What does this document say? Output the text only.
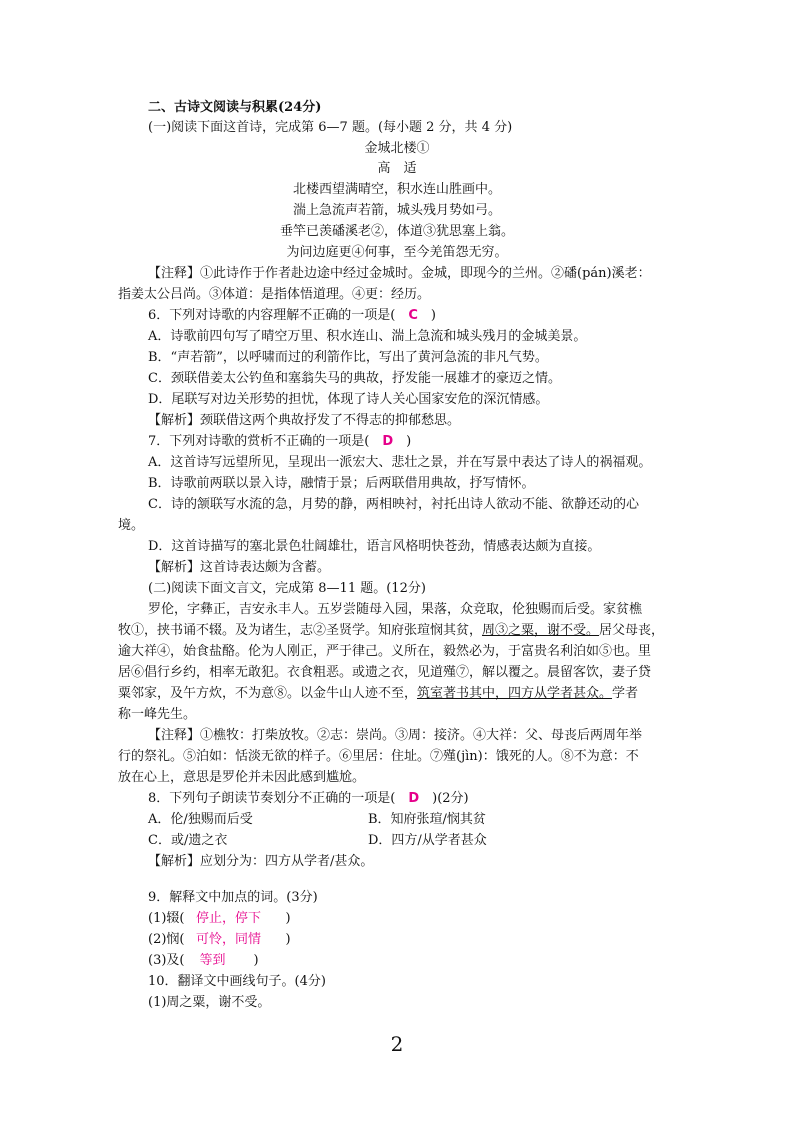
二、古诗文阅读与积累(24分)
(一)阅读下面这首诗，完成第 6—7 题。(每小题 2 分，共 4 分)
金城北楼①
高　适
北楼西望满晴空，积水连山胜画中。
湍上急流声若箭，城头残月势如弓。
垂竿已羡磻溪老②，体道③犹思塞上翁。
为问边庭更④何事，至今羌笛怨无穷。
【注释】①此诗作于作者赴边途中经过金城时。金城，即现今的兰州。②磻(pán)溪老：
指姜太公吕尚。③体道：是指体悟道理。④更：经历。
6．下列对诗歌的内容理解不正确的一项是(　C　)
A．诗歌前四句写了晴空万里、积水连山、湍上急流和城头残月的金城美景。
B．“声若箭”，以呼啸而过的利箭作比，写出了黄河急流的非凡气势。
C．颈联借姜太公钓鱼和塞翁失马的典故，抒发能一展雄才的豪迈之情。
D．尾联写对边关形势的担忧，体现了诗人关心国家安危的深沉情感。
【解析】颈联借这两个典故抒发了不得志的抑郁愁思。
7．下列对诗歌的赏析不正确的一项是(　D　)
A．这首诗写远望所见，呈现出一派宏大、悲壮之景，并在写景中表达了诗人的祸福观。
B．诗歌前两联以景入诗，融情于景；后两联借用典故，抒写情怀。
C．诗的颔联写水流的急，月势的静，两相映衬，衬托出诗人欲动不能、欲静还动的心
境。
D．这首诗描写的塞北景色壮阔雄壮，语言风格明快苍劲，情感表达颇为直接。
【解析】这首诗表达颇为含蓄。
(二)阅读下面文言文，完成第 8—11 题。(12分)
罗伦，字彝正，吉安永丰人。五岁尝随母入园，果落，众竞取，伦独赐而后受。家贫樵
牧①，挟书诵不辍。及为诸生，志②圣贤学。知府张瑄悯其贫，周③之粟，谢不受。居父母丧，
逾大祥④，始食盐酪。伦为人刚正，严于律己。义所在，毅然必为，于富贵名利泊如⑤也。里
居⑥倡行乡约，相率无敢犯。衣食粗恶。或遗之衣，见道殣⑦，解以覆之。晨留客饮，妻子贷
粟邻家，及午方炊，不为意⑧。以金牛山人迹不至，筑室著书其中，四方从学者甚众。学者
称一峰先生。
【注释】①樵牧：打柴放牧。②志：崇尚。③周：接济。④大祥：父、母丧后两周年举
行的祭礼。⑤泊如：恬淡无欲的样子。⑥里居：住址。⑦殣(jìn)：饿死的人。⑧不为意：不
放在心上，意思是罗伦并未因此感到尴尬。
8．下列句子朗读节奏划分不正确的一项是(　D　)(2分)
A．伦/独赐而后受	B．知府张瑄/悯其贫
C．或/遗之衣	D．四方/从学者甚众
【解析】应划分为：四方从学者/甚众。
9．解释文中加点的词。(3分)
(1)辍( 停止，停下　)
(2)悯( 可怜，同情　)
(3)及( 等到　)
10．翻译文中画线句子。(4分)
(1)周之粟，谢不受。
2
